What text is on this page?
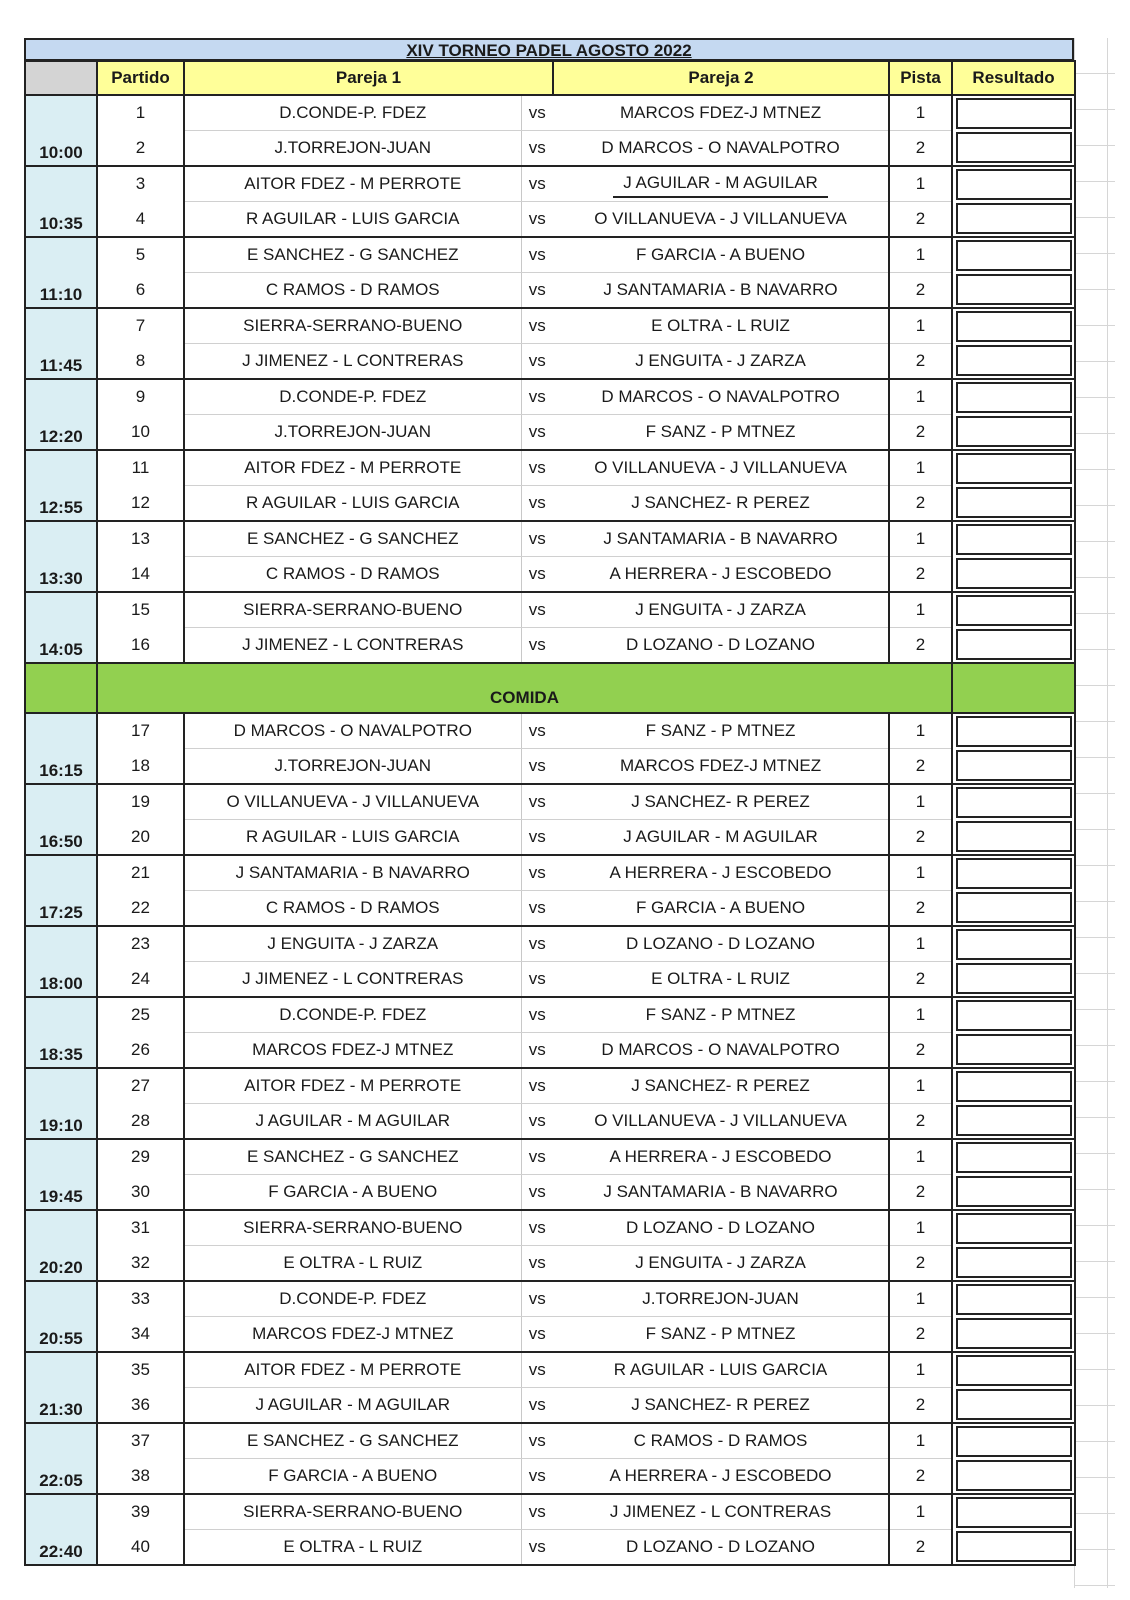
XIV TORNEO PADEL AGOSTO 2022
	Partido	Pareja 1		Pareja 2	Pista	Resultado
10:00	1	D.CONDE-P. FDEZ	vs	MARCOS FDEZ-J MTNEZ	1	

	2	J.TORREJON-JUAN	vs	D MARCOS - O NAVALPOTRO	2	

10:35	3	AITOR FDEZ - M PERROTE	vs	J AGUILAR - M AGUILAR	1	

	4	R AGUILAR - LUIS GARCIA	vs	O VILLANUEVA - J VILLANUEVA	2	

11:10	5	E SANCHEZ - G SANCHEZ	vs	F GARCIA - A BUENO	1	

	6	C RAMOS - D RAMOS	vs	J SANTAMARIA - B NAVARRO	2	

11:45	7	SIERRA-SERRANO-BUENO	vs	E OLTRA - L RUIZ	1	

	8	J JIMENEZ - L CONTRERAS	vs	J ENGUITA - J ZARZA	2	

12:20	9	D.CONDE-P. FDEZ	vs	D MARCOS - O NAVALPOTRO	1	

	10	J.TORREJON-JUAN	vs	F SANZ - P MTNEZ	2	

12:55	11	AITOR FDEZ - M PERROTE	vs	O VILLANUEVA - J VILLANUEVA	1	

	12	R AGUILAR - LUIS GARCIA	vs	J SANCHEZ- R PEREZ	2	

13:30	13	E SANCHEZ - G SANCHEZ	vs	J SANTAMARIA - B NAVARRO	1	

	14	C RAMOS - D RAMOS	vs	A HERRERA - J ESCOBEDO	2	

14:05	15	SIERRA-SERRANO-BUENO	vs	J ENGUITA - J ZARZA	1	

	16	J JIMENEZ - L CONTRERAS	vs	D LOZANO - D LOZANO	2	

	COMIDA					
16:15	17	D MARCOS - O NAVALPOTRO	vs	F SANZ - P MTNEZ	1	

	18	J.TORREJON-JUAN	vs	MARCOS FDEZ-J MTNEZ	2	

16:50	19	O VILLANUEVA - J VILLANUEVA	vs	J SANCHEZ- R PEREZ	1	

	20	R AGUILAR - LUIS GARCIA	vs	J AGUILAR - M AGUILAR	2	

17:25	21	J SANTAMARIA - B NAVARRO	vs	A HERRERA - J ESCOBEDO	1	

	22	C RAMOS - D RAMOS	vs	F GARCIA - A BUENO	2	

18:00	23	J ENGUITA - J ZARZA	vs	D LOZANO - D LOZANO	1	

	24	J JIMENEZ - L CONTRERAS	vs	E OLTRA - L RUIZ	2	

18:35	25	D.CONDE-P. FDEZ	vs	F SANZ - P MTNEZ	1	

	26	MARCOS FDEZ-J MTNEZ	vs	D MARCOS - O NAVALPOTRO	2	

19:10	27	AITOR FDEZ - M PERROTE	vs	J SANCHEZ- R PEREZ	1	

	28	J AGUILAR - M AGUILAR	vs	O VILLANUEVA - J VILLANUEVA	2	

19:45	29	E SANCHEZ - G SANCHEZ	vs	A HERRERA - J ESCOBEDO	1	

	30	F GARCIA - A BUENO	vs	J SANTAMARIA - B NAVARRO	2	

20:20	31	SIERRA-SERRANO-BUENO	vs	D LOZANO - D LOZANO	1	

	32	E OLTRA - L RUIZ	vs	J ENGUITA - J ZARZA	2	

20:55	33	D.CONDE-P. FDEZ	vs	J.TORREJON-JUAN	1	

	34	MARCOS FDEZ-J MTNEZ	vs	F SANZ - P MTNEZ	2	

21:30	35	AITOR FDEZ - M PERROTE	vs	R AGUILAR - LUIS GARCIA	1	

	36	J AGUILAR - M AGUILAR	vs	J SANCHEZ- R PEREZ	2	

22:05	37	E SANCHEZ - G SANCHEZ	vs	C RAMOS - D RAMOS	1	

	38	F GARCIA - A BUENO	vs	A HERRERA - J ESCOBEDO	2	

22:40	39	SIERRA-SERRANO-BUENO	vs	J JIMENEZ - L CONTRERAS	1	

	40	E OLTRA - L RUIZ	vs	D LOZANO - D LOZANO	2	
